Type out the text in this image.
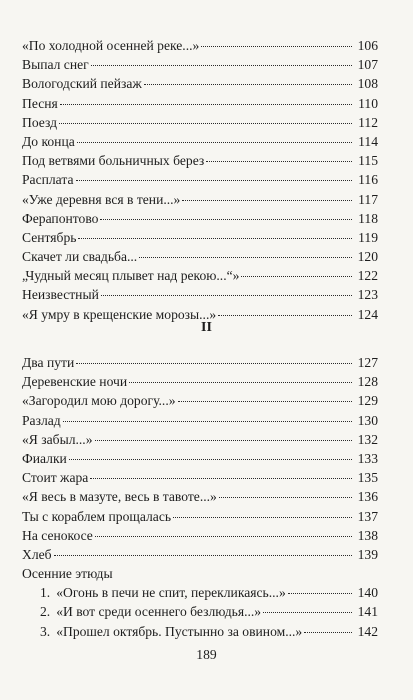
«По холодной осенней реке...»	106
Выпал снег	107
Вологодский пейзаж	108
Песня	110
Поезд	112
До конца	114
Под ветвями больничных берез	115
Расплата	116
«Уже деревня вся в тени...»	117
Ферапонтово	118
Сентябрь	119
Скачет ли свадьба...	120
„Чудный месяц плывет над рекою...“»	122
Неизвестный	123
«Я умру в крещенские морозы...»	124
II
Два пути	127
Деревенские ночи	128
«Загородил мою дорогу...»	129
Разлад	130
«Я забыл...»	132
Фиалки	133
Стоит жара	135
«Я весь в мазуте, весь в тавоте...»	136
Ты с кораблем прощалась	137
На сенокосе	138
Хлеб	139
Осенние этюды
1. «Огонь в печи не спит, перекликаясь...»	140
2. «И вот среди осеннего безлюдья...»	141
3. «Прошел октябрь. Пустынно за овином...»	142
189
